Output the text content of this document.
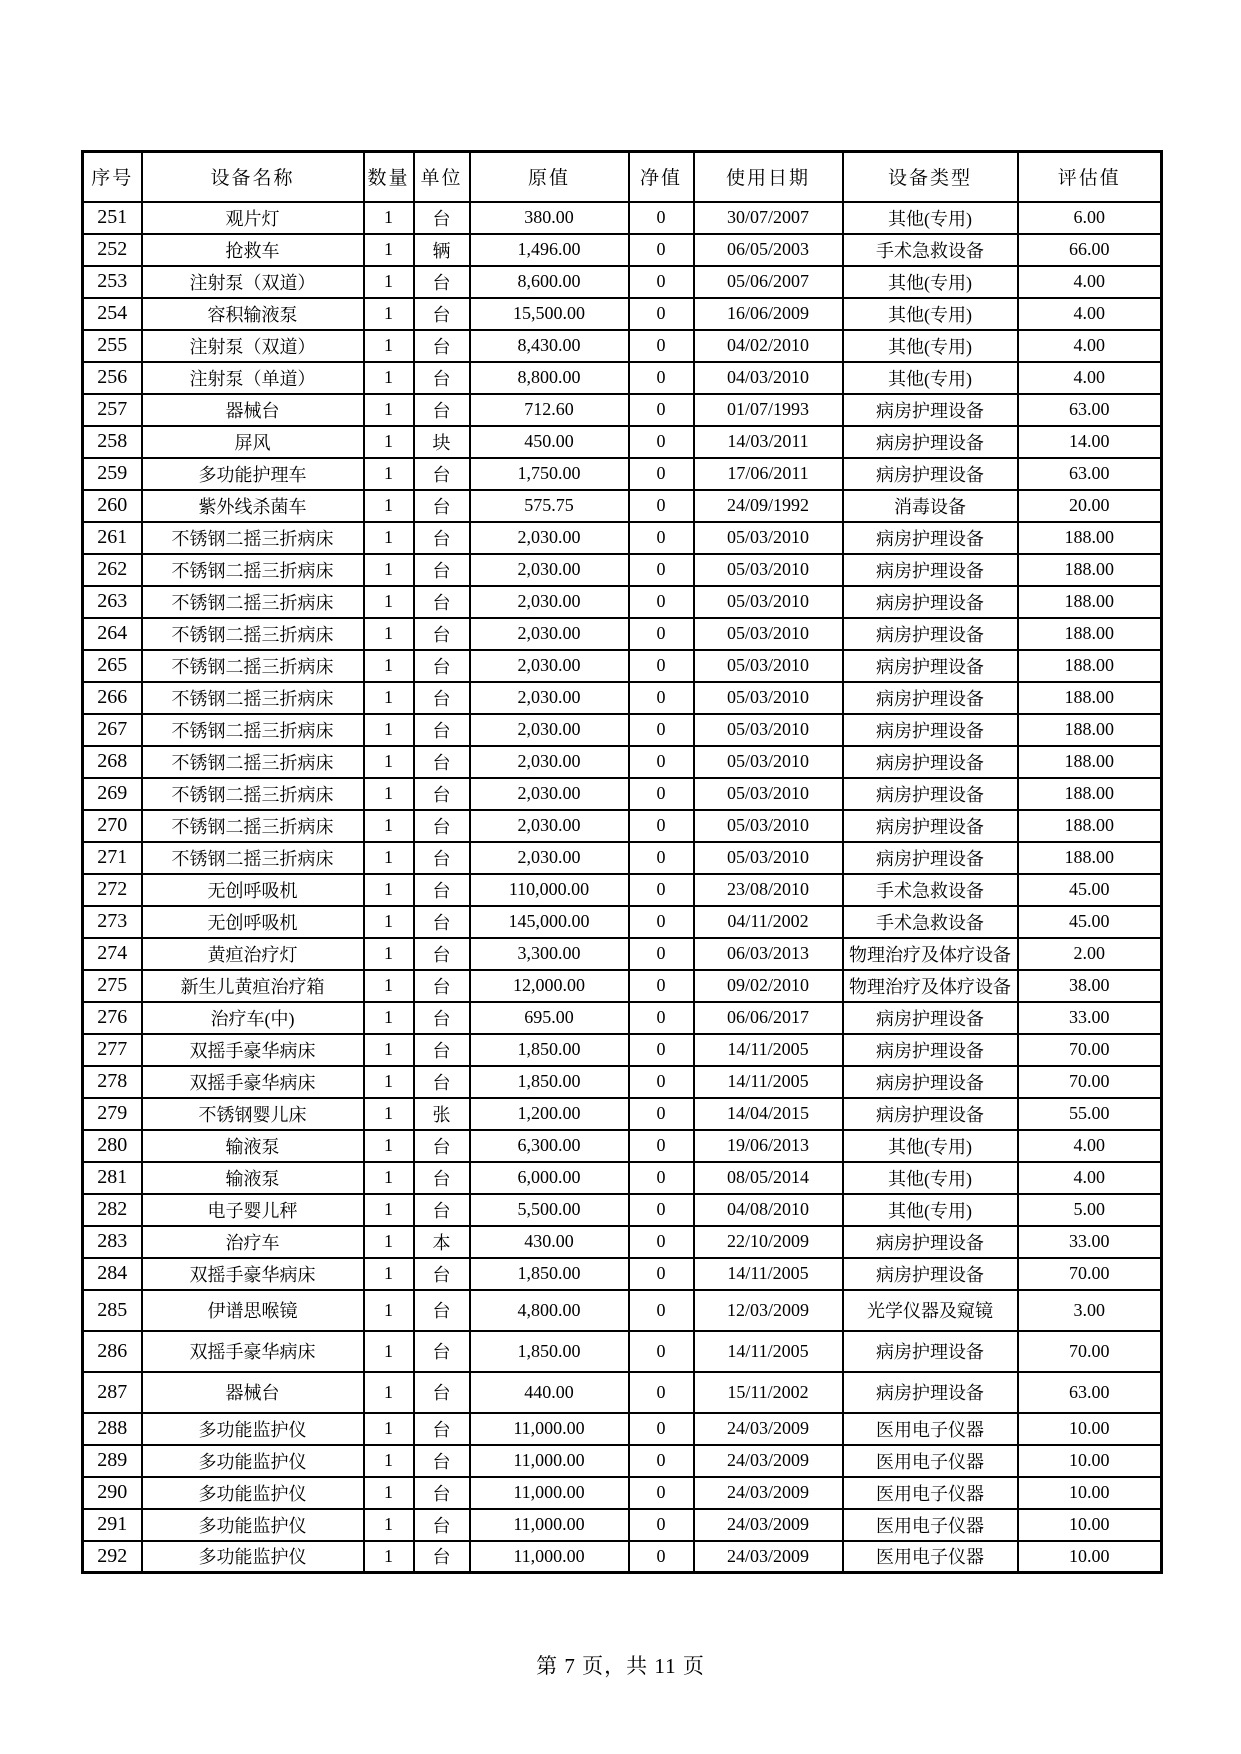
序号	设备名称	数量	单位	原值	净值	使用日期	设备类型	评估值
251	观片灯	1	台	380.00	0	30/07/2007	其他(专用)	6.00
252	抢救车	1	辆	1,496.00	0	06/05/2003	手术急救设备	66.00
253	注射泵（双道）	1	台	8,600.00	0	05/06/2007	其他(专用)	4.00
254	容积输液泵	1	台	15,500.00	0	16/06/2009	其他(专用)	4.00
255	注射泵（双道）	1	台	8,430.00	0	04/02/2010	其他(专用)	4.00
256	注射泵（单道）	1	台	8,800.00	0	04/03/2010	其他(专用)	4.00
257	器械台	1	台	712.60	0	01/07/1993	病房护理设备	63.00
258	屏风	1	块	450.00	0	14/03/2011	病房护理设备	14.00
259	多功能护理车	1	台	1,750.00	0	17/06/2011	病房护理设备	63.00
260	紫外线杀菌车	1	台	575.75	0	24/09/1992	消毒设备	20.00
261	不锈钢二摇三折病床	1	台	2,030.00	0	05/03/2010	病房护理设备	188.00
262	不锈钢二摇三折病床	1	台	2,030.00	0	05/03/2010	病房护理设备	188.00
263	不锈钢二摇三折病床	1	台	2,030.00	0	05/03/2010	病房护理设备	188.00
264	不锈钢二摇三折病床	1	台	2,030.00	0	05/03/2010	病房护理设备	188.00
265	不锈钢二摇三折病床	1	台	2,030.00	0	05/03/2010	病房护理设备	188.00
266	不锈钢二摇三折病床	1	台	2,030.00	0	05/03/2010	病房护理设备	188.00
267	不锈钢二摇三折病床	1	台	2,030.00	0	05/03/2010	病房护理设备	188.00
268	不锈钢二摇三折病床	1	台	2,030.00	0	05/03/2010	病房护理设备	188.00
269	不锈钢二摇三折病床	1	台	2,030.00	0	05/03/2010	病房护理设备	188.00
270	不锈钢二摇三折病床	1	台	2,030.00	0	05/03/2010	病房护理设备	188.00
271	不锈钢二摇三折病床	1	台	2,030.00	0	05/03/2010	病房护理设备	188.00
272	无创呼吸机	1	台	110,000.00	0	23/08/2010	手术急救设备	45.00
273	无创呼吸机	1	台	145,000.00	0	04/11/2002	手术急救设备	45.00
274	黄疸治疗灯	1	台	3,300.00	0	06/03/2013	物理治疗及体疗设备	2.00
275	新生儿黄疸治疗箱	1	台	12,000.00	0	09/02/2010	物理治疗及体疗设备	38.00
276	治疗车(中)	1	台	695.00	0	06/06/2017	病房护理设备	33.00
277	双摇手豪华病床	1	台	1,850.00	0	14/11/2005	病房护理设备	70.00
278	双摇手豪华病床	1	台	1,850.00	0	14/11/2005	病房护理设备	70.00
279	不锈钢婴儿床	1	张	1,200.00	0	14/04/2015	病房护理设备	55.00
280	输液泵	1	台	6,300.00	0	19/06/2013	其他(专用)	4.00
281	输液泵	1	台	6,000.00	0	08/05/2014	其他(专用)	4.00
282	电子婴儿秤	1	台	5,500.00	0	04/08/2010	其他(专用)	5.00
283	治疗车	1	本	430.00	0	22/10/2009	病房护理设备	33.00
284	双摇手豪华病床	1	台	1,850.00	0	14/11/2005	病房护理设备	70.00
285	伊谱思喉镜	1	台	4,800.00	0	12/03/2009	光学仪器及窥镜	3.00
286	双摇手豪华病床	1	台	1,850.00	0	14/11/2005	病房护理设备	70.00
287	器械台	1	台	440.00	0	15/11/2002	病房护理设备	63.00
288	多功能监护仪	1	台	11,000.00	0	24/03/2009	医用电子仪器	10.00
289	多功能监护仪	1	台	11,000.00	0	24/03/2009	医用电子仪器	10.00
290	多功能监护仪	1	台	11,000.00	0	24/03/2009	医用电子仪器	10.00
291	多功能监护仪	1	台	11,000.00	0	24/03/2009	医用电子仪器	10.00
292	多功能监护仪	1	台	11,000.00	0	24/03/2009	医用电子仪器	10.00
第 7 页，共 11 页
